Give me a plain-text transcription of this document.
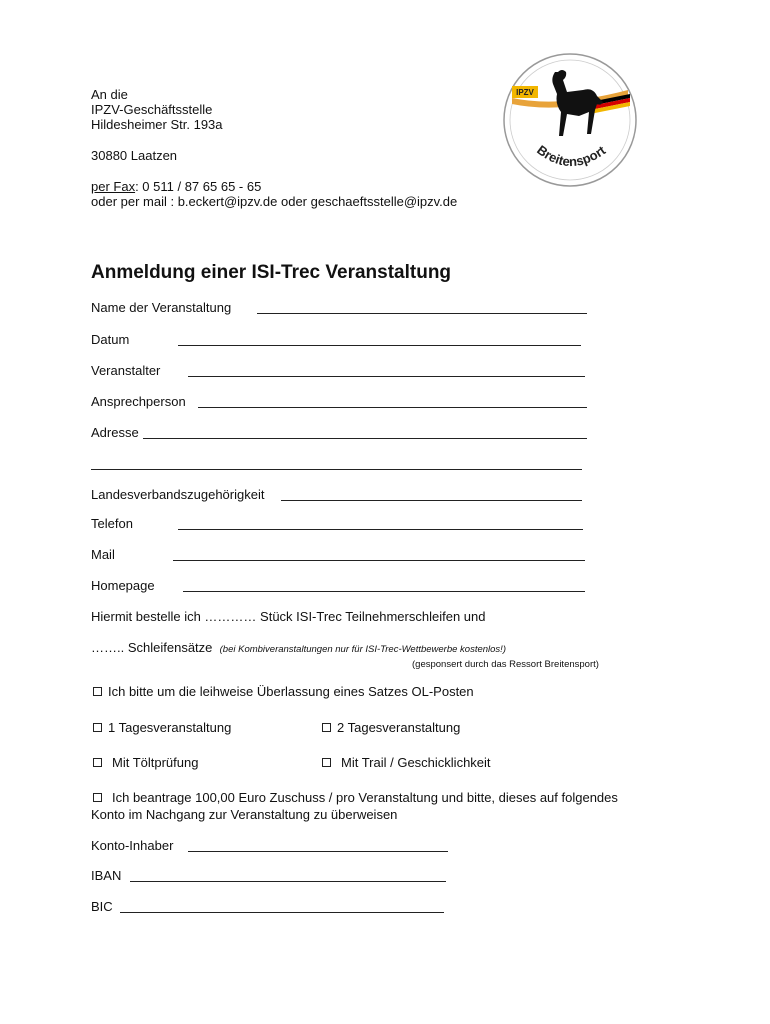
An die
IPZV-Geschäftsstelle
Hildesheimer Str. 193a
30880 Laatzen
per Fax: 0 511 / 87 65 65 - 65
oder per mail : b.eckert@ipzv.de oder geschaeftsstelle@ipzv.de
IPZV
Breitensport
Anmeldung einer ISI-Trec Veranstaltung
Name der Veranstaltung
Datum
Veranstalter
Ansprechperson
Adresse
Landesverbandszugehörigkeit
Telefon
Mail
Homepage
Hiermit bestelle ich ………… Stück ISI-Trec Teilnehmerschleifen und
…….. Schleifensätze (bei Kombiveranstaltungen nur für ISI-Trec-Wettbewerbe kostenlos!)
(gesponsert durch das Ressort Breitensport)
Ich bitte um die leihweise Überlassung eines Satzes OL-Posten
1 Tagesveranstaltung	2 Tagesveranstaltung
Mit Töltprüfung	Mit Trail / Geschicklichkeit
Ich beantrage 100,00 Euro Zuschuss / pro Veranstaltung und bitte, dieses auf folgendes
Konto im Nachgang zur Veranstaltung zu überweisen
Konto-Inhaber
IBAN
BIC
